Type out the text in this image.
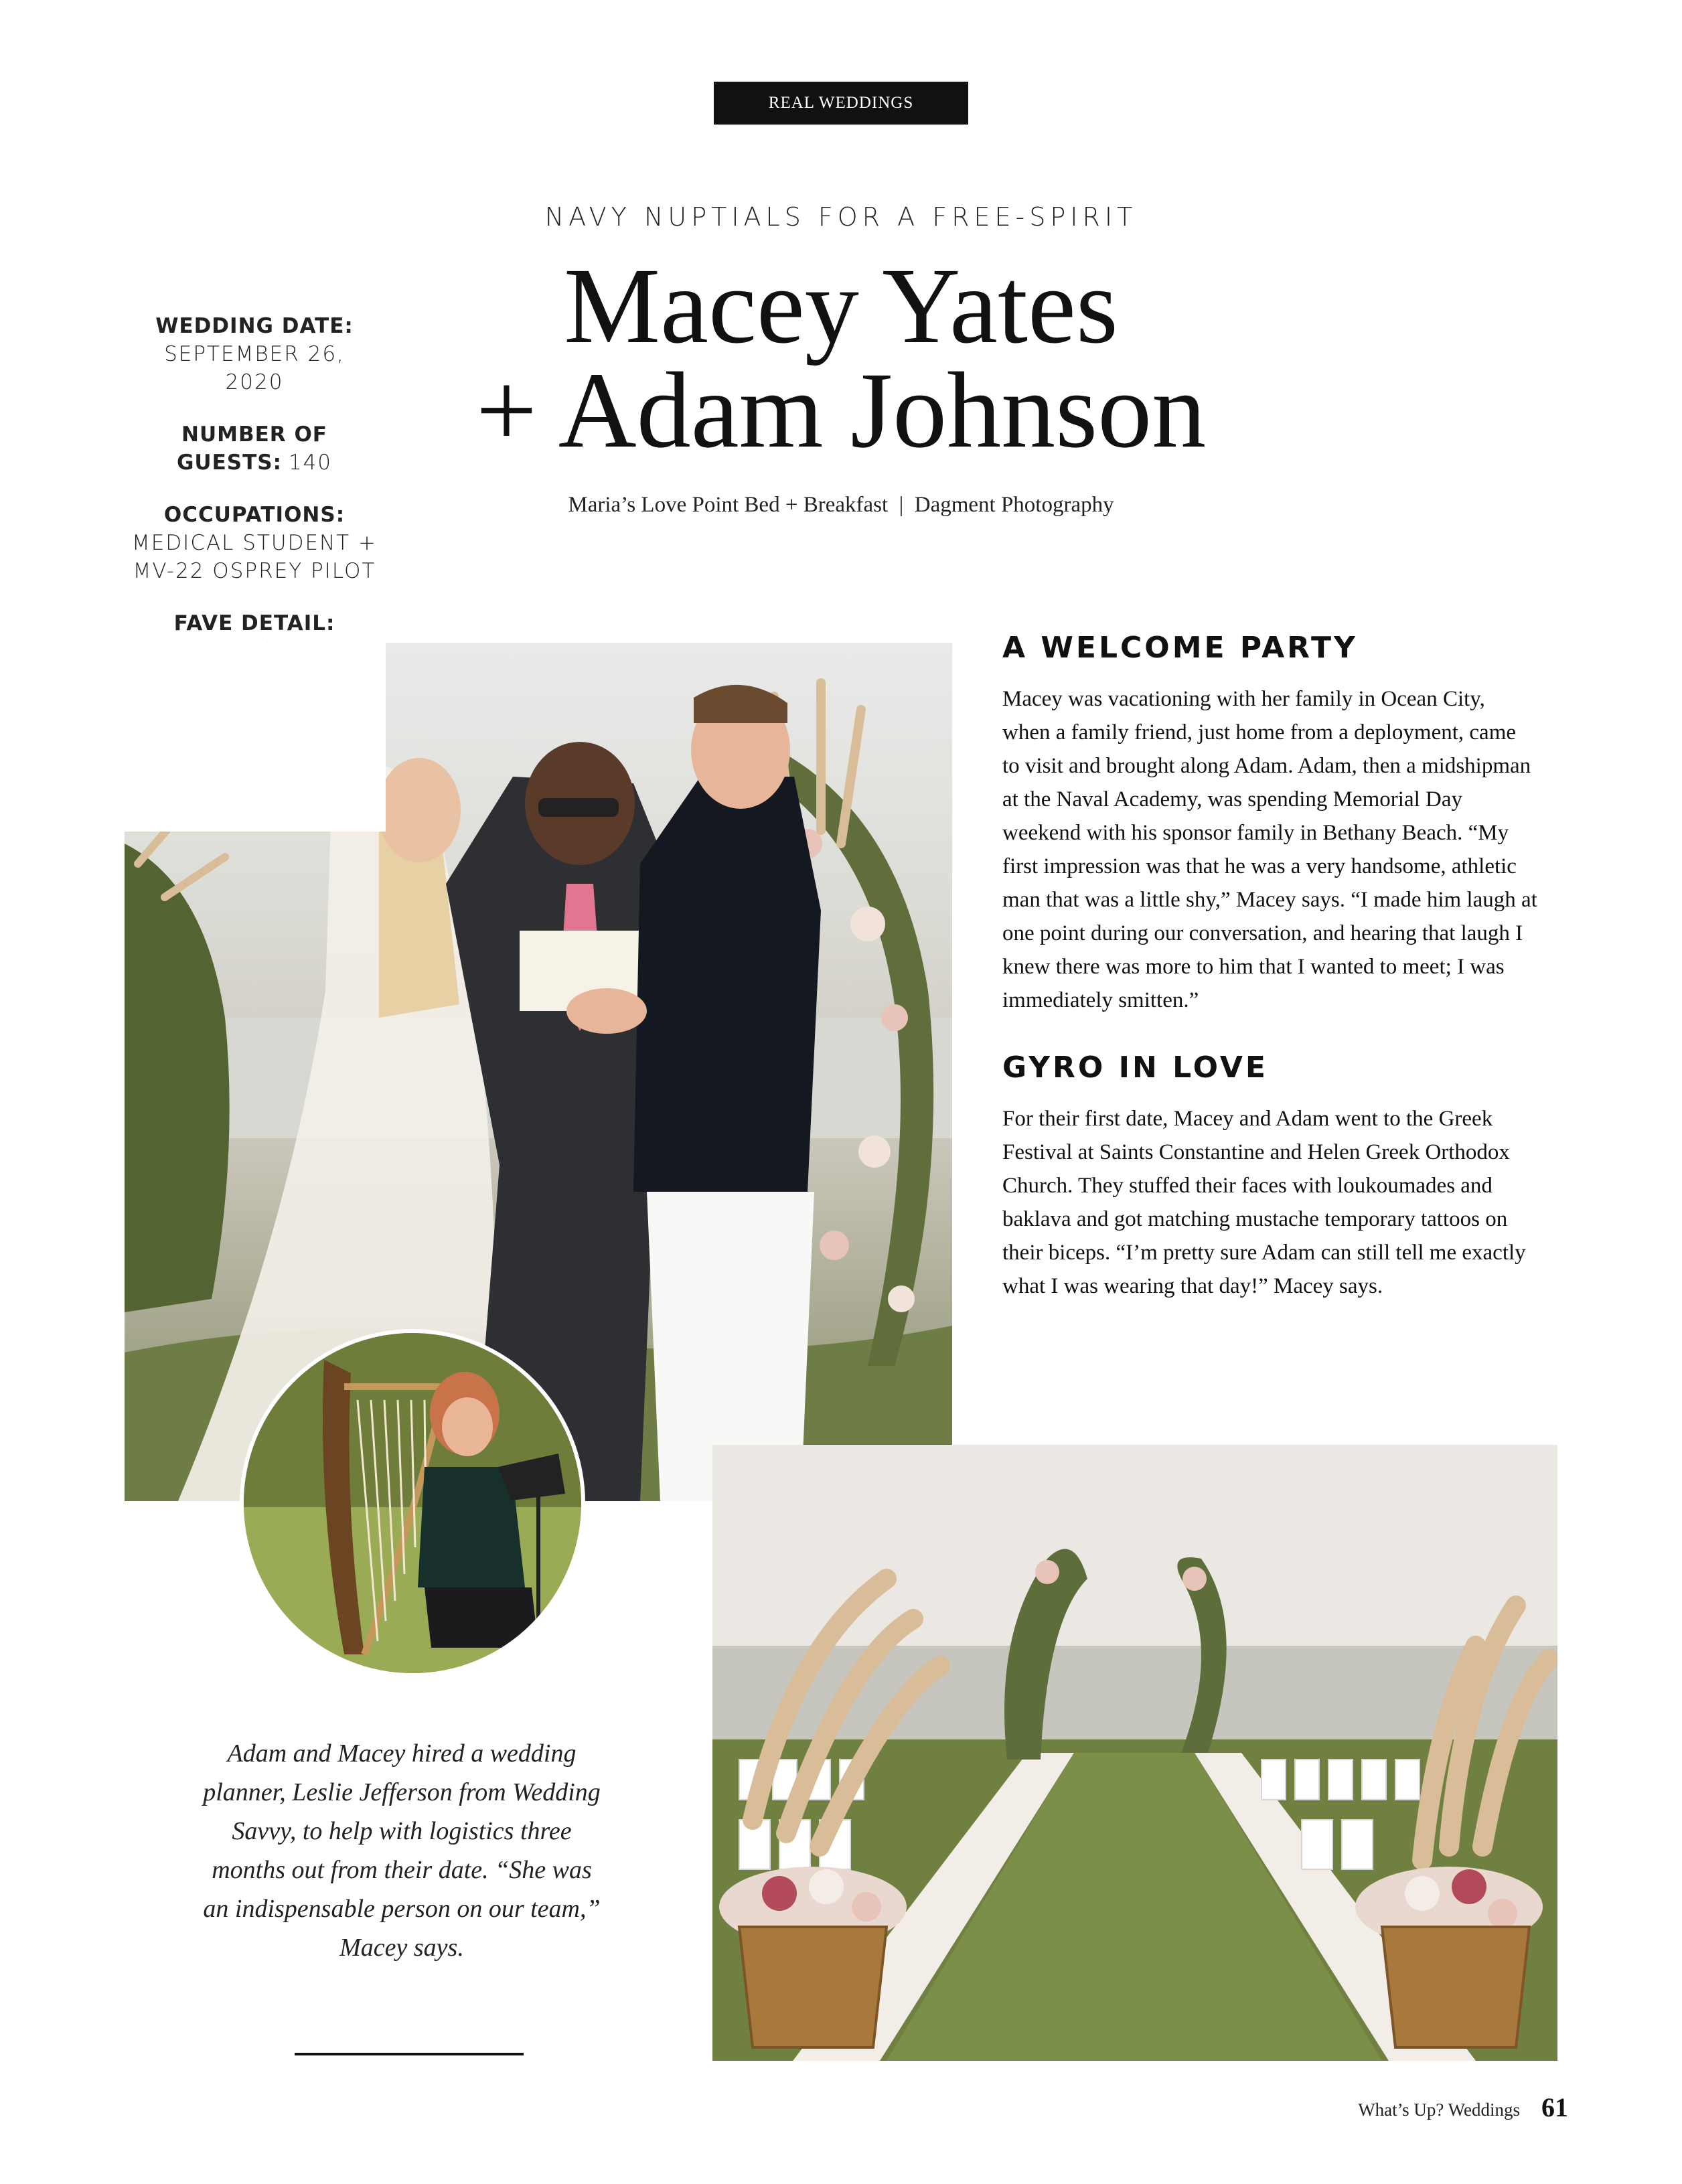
REAL WEDDINGS
NAVY NUPTIALS FOR A FREE-SPIRIT
Macey Yates
+ Adam Johnson
Maria’s Love Point Bed + Breakfast  |  Dagment Photography
WEDDING DATE:
SEPTEMBER 26, 2020
NUMBER OF GUESTS: 140
OCCUPATIONS:
MEDICAL STUDENT + MV-22 OSPREY PILOT
FAVE DETAIL:
A WELCOME PARTY
Macey was vacationing with her family in Ocean City, when a family friend, just home from a deployment, came to visit and brought along Adam. Adam, then a midshipman at the Naval Academy, was spending Memorial Day weekend with his sponsor family in Bethany Beach. “My first impression was that he was a very handsome, athletic man that was a little shy,” Macey says. “I made him laugh at one point during our conversation, and hearing that laugh I knew there was more to him that I wanted to meet; I was immediately smitten.”
GYRO IN LOVE
For their first date, Macey and Adam went to the Greek Festival at Saints Constantine and Helen Greek Orthodox Church. They stuffed their faces with loukoumades and baklava and got matching mustache temporary tattoos on their biceps. “I’m pretty sure Adam can still tell me exactly what I was wearing that day!” Macey says.
Adam and Macey hired a wedding planner, Leslie Jefferson from Wedding Savvy, to help with logistics three months out from their date. “She was an indispensable person on our team,” Macey says.
What’s Up? Weddings 61
